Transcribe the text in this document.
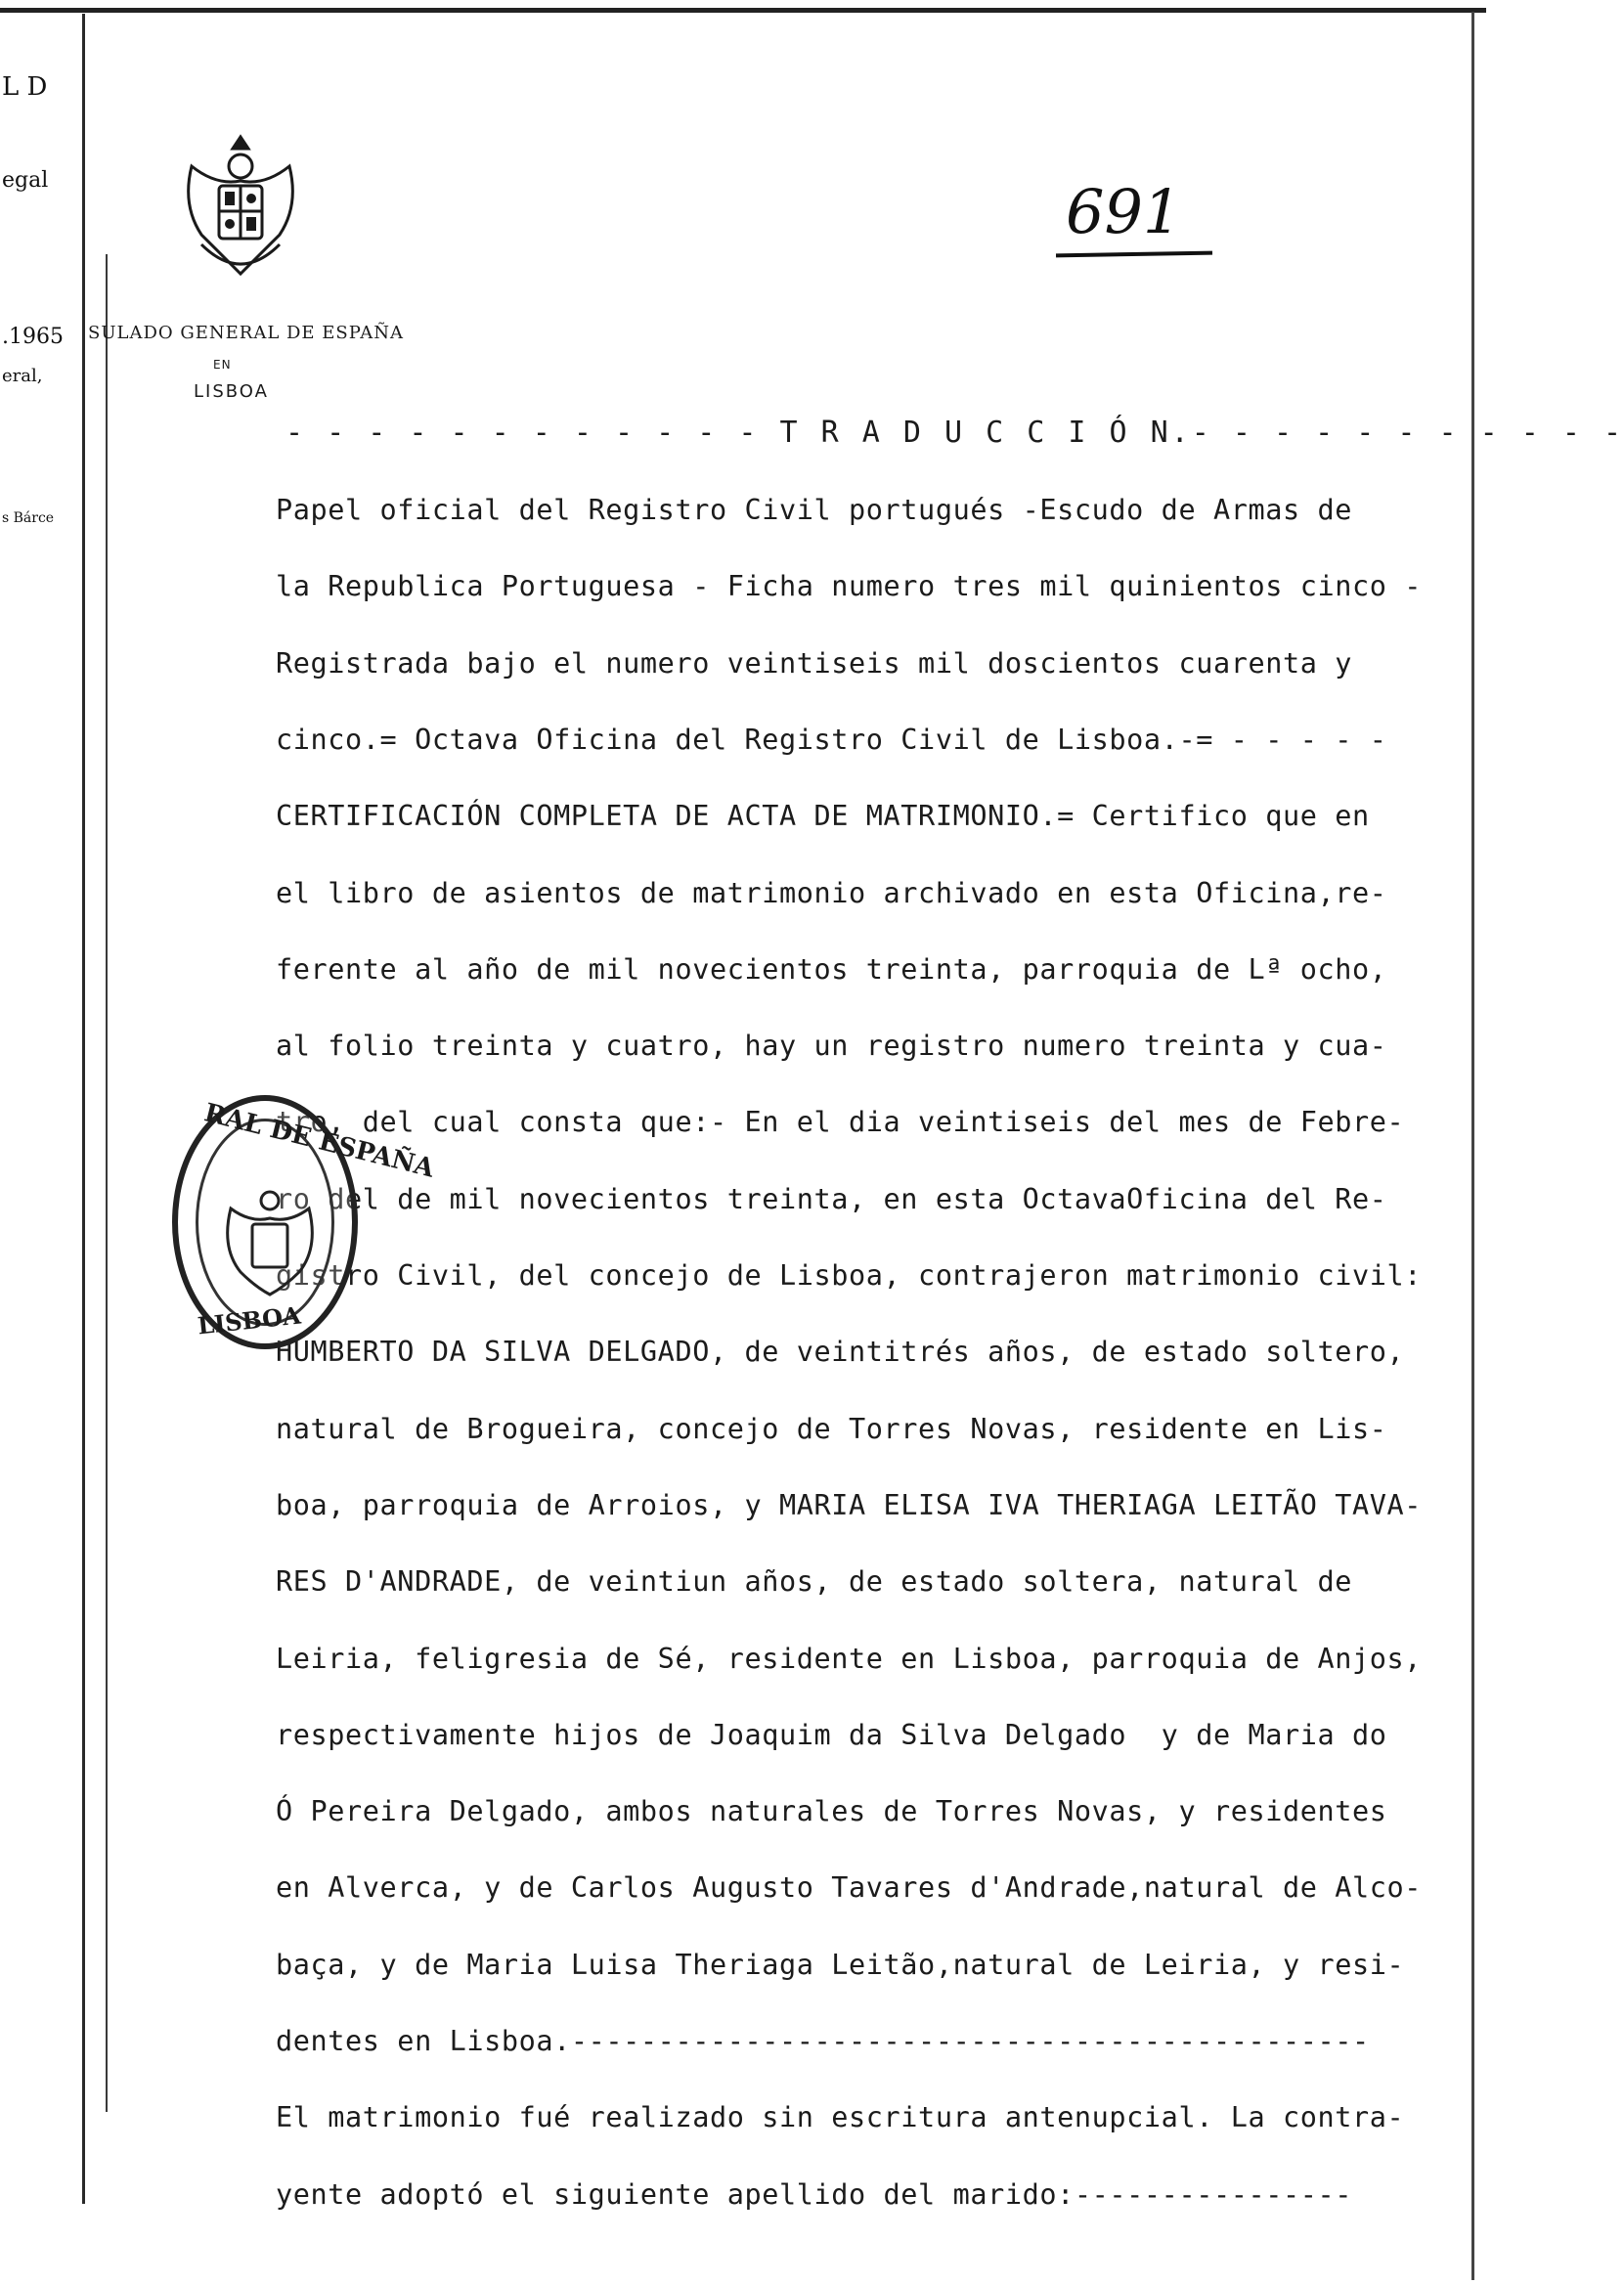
L D
egal
.1965
eral,
s Bárce
SULADO GENERAL DE ESPAÑA
EN
LISBOA
691
- - - - - - - - - - - - T R A D U C C I Ó N.- - - - - - - - - - -
Papel oficial del Registro Civil portugués -Escudo de Armas de
la Republica Portuguesa - Ficha numero tres mil quinientos cinco -
Registrada bajo el numero veintiseis mil doscientos cuarenta y
cinco.= Octava Oficina del Registro Civil de Lisboa.-= - - - - -
CERTIFICACIÓN COMPLETA DE ACTA DE MATRIMONIO.= Certifico que en
el libro de asientos de matrimonio archivado en esta Oficina,re-
ferente al año de mil novecientos treinta, parroquia de Lª ocho,
al folio treinta y cuatro, hay un registro numero treinta y cua-
tro, del cual consta que:- En el dia veintiseis del mes de Febre-
ro del de mil novecientos treinta, en esta OctavaOficina del Re-
gistro Civil, del concejo de Lisboa, contrajeron matrimonio civil:
HUMBERTO DA SILVA DELGADO, de veintitrés años, de estado soltero,
natural de Brogueira, concejo de Torres Novas, residente en Lis-
boa, parroquia de Arroios, y MARIA ELISA IVA THERIAGA LEITÃO TAVA-
RES D'ANDRADE, de veintiun años, de estado soltera, natural de
Leiria, feligresia de Sé, residente en Lisboa, parroquia de Anjos,
respectivamente hijos de Joaquim da Silva Delgado  y de Maria do
Ó Pereira Delgado, ambos naturales de Torres Novas, y residentes
en Alverca, y de Carlos Augusto Tavares d'Andrade,natural de Alco-
baça, y de Maria Luisa Theriaga Leitão,natural de Leiria, y resi-
dentes en Lisboa.----------------------------------------------
El matrimonio fué realizado sin escritura antenupcial. La contra-
yente adoptó el siguiente apellido del marido:----------------
RAL DE ESPAÑA
LISBOA
